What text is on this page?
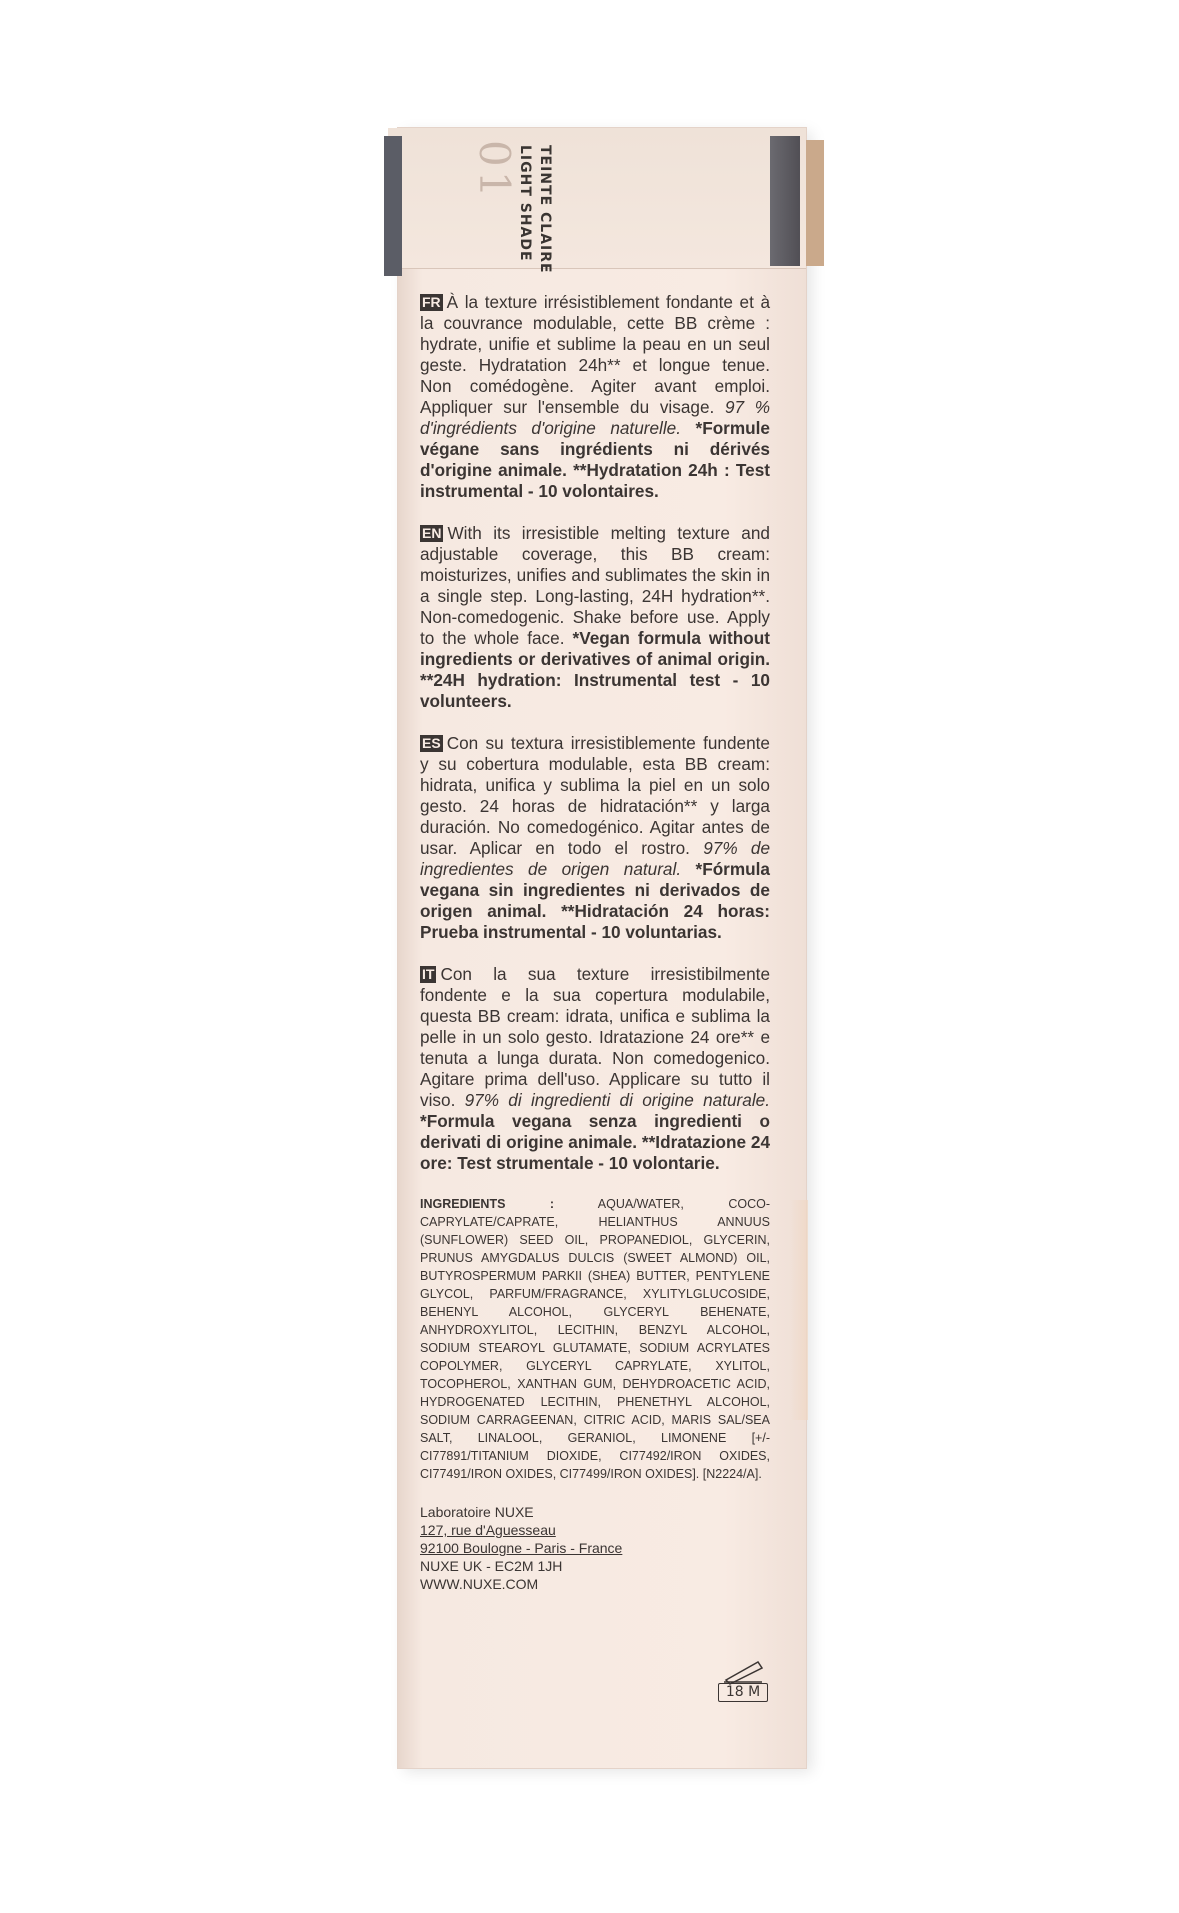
01	TEINTE CLAIRE
LIGHT SHADE

FR À la texture irrésistiblement fondante et à la couvrance modulable, cette BB crème : hydrate, unifie et sublime la peau en un seul geste. Hydratation 24h** et longue tenue. Non comédogène. Agiter avant emploi. Appliquer sur l'ensemble du visage. 97 % d'ingrédients d'origine naturelle. *Formule végane sans ingrédients ni dérivés d'origine animale. **Hydratation 24h : Test instrumental - 10 volontaires.

EN With its irresistible melting texture and adjustable coverage, this BB cream: moisturizes, unifies and sublimates the skin in a single step. Long-lasting, 24H hydration**. Non-comedogenic. Shake before use. Apply to the whole face. *Vegan formula without ingredients or derivatives of animal origin. **24H hydration: Instrumental test - 10 volunteers.

ES Con su textura irresistiblemente fundente y su cobertura modulable, esta BB cream: hidrata, unifica y sublima la piel en un solo gesto. 24 horas de hidratación** y larga duración. No comedogénico. Agitar antes de usar. Aplicar en todo el rostro. 97% de ingredientes de origen natural. *Fórmula vegana sin ingredientes ni derivados de origen animal. **Hidratación 24 horas: Prueba instrumental - 10 voluntarias.

IT Con la sua texture irresistibilmente fondente e la sua copertura modulabile, questa BB cream: idrata, unifica e sublima la pelle in un solo gesto. Idratazione 24 ore** e tenuta a lunga durata. Non comedogenico. Agitare prima dell'uso. Applicare su tutto il viso. 97% di ingredienti di origine naturale. *Formula vegana senza ingredienti o derivati di origine animale. **Idratazione 24 ore: Test strumentale - 10 volontarie.

INGREDIENTS :	AQUA/WATER, COCO-CAPRYLATE/CAPRATE, HELIANTHUS ANNUUS (SUNFLOWER) SEED OIL, PROPANEDIOL, GLYCERIN, PRUNUS AMYGDALUS DULCIS (SWEET ALMOND) OIL, BUTYROSPERMUM PARKII (SHEA) BUTTER, PENTYLENE GLYCOL, PARFUM/FRAGRANCE, XYLITYLGLUCOSIDE, BEHENYL ALCOHOL, GLYCERYL BEHENATE, ANHYDROXYLITOL, LECITHIN, BENZYL ALCOHOL, SODIUM STEAROYL GLUTAMATE, SODIUM ACRYLATES COPOLYMER, GLYCERYL CAPRYLATE, XYLITOL, TOCOPHEROL, XANTHAN GUM, DEHYDROACETIC ACID, HYDROGENATED LECITHIN, PHENETHYL ALCOHOL, SODIUM CARRAGEENAN, CITRIC ACID, MARIS SAL/SEA SALT, LINALOOL, GERANIOL, LIMONENE [+/-CI77891/TITANIUM DIOXIDE, CI77492/IRON OXIDES, CI77491/IRON OXIDES, CI77499/IRON OXIDES]. [N2224/A].
Laboratoire NUXE
127, rue d'Aguesseau
92100 Boulogne - Paris - France
NUXE UK - EC2M 1JH
WWW.NUXE.COM
18 M
